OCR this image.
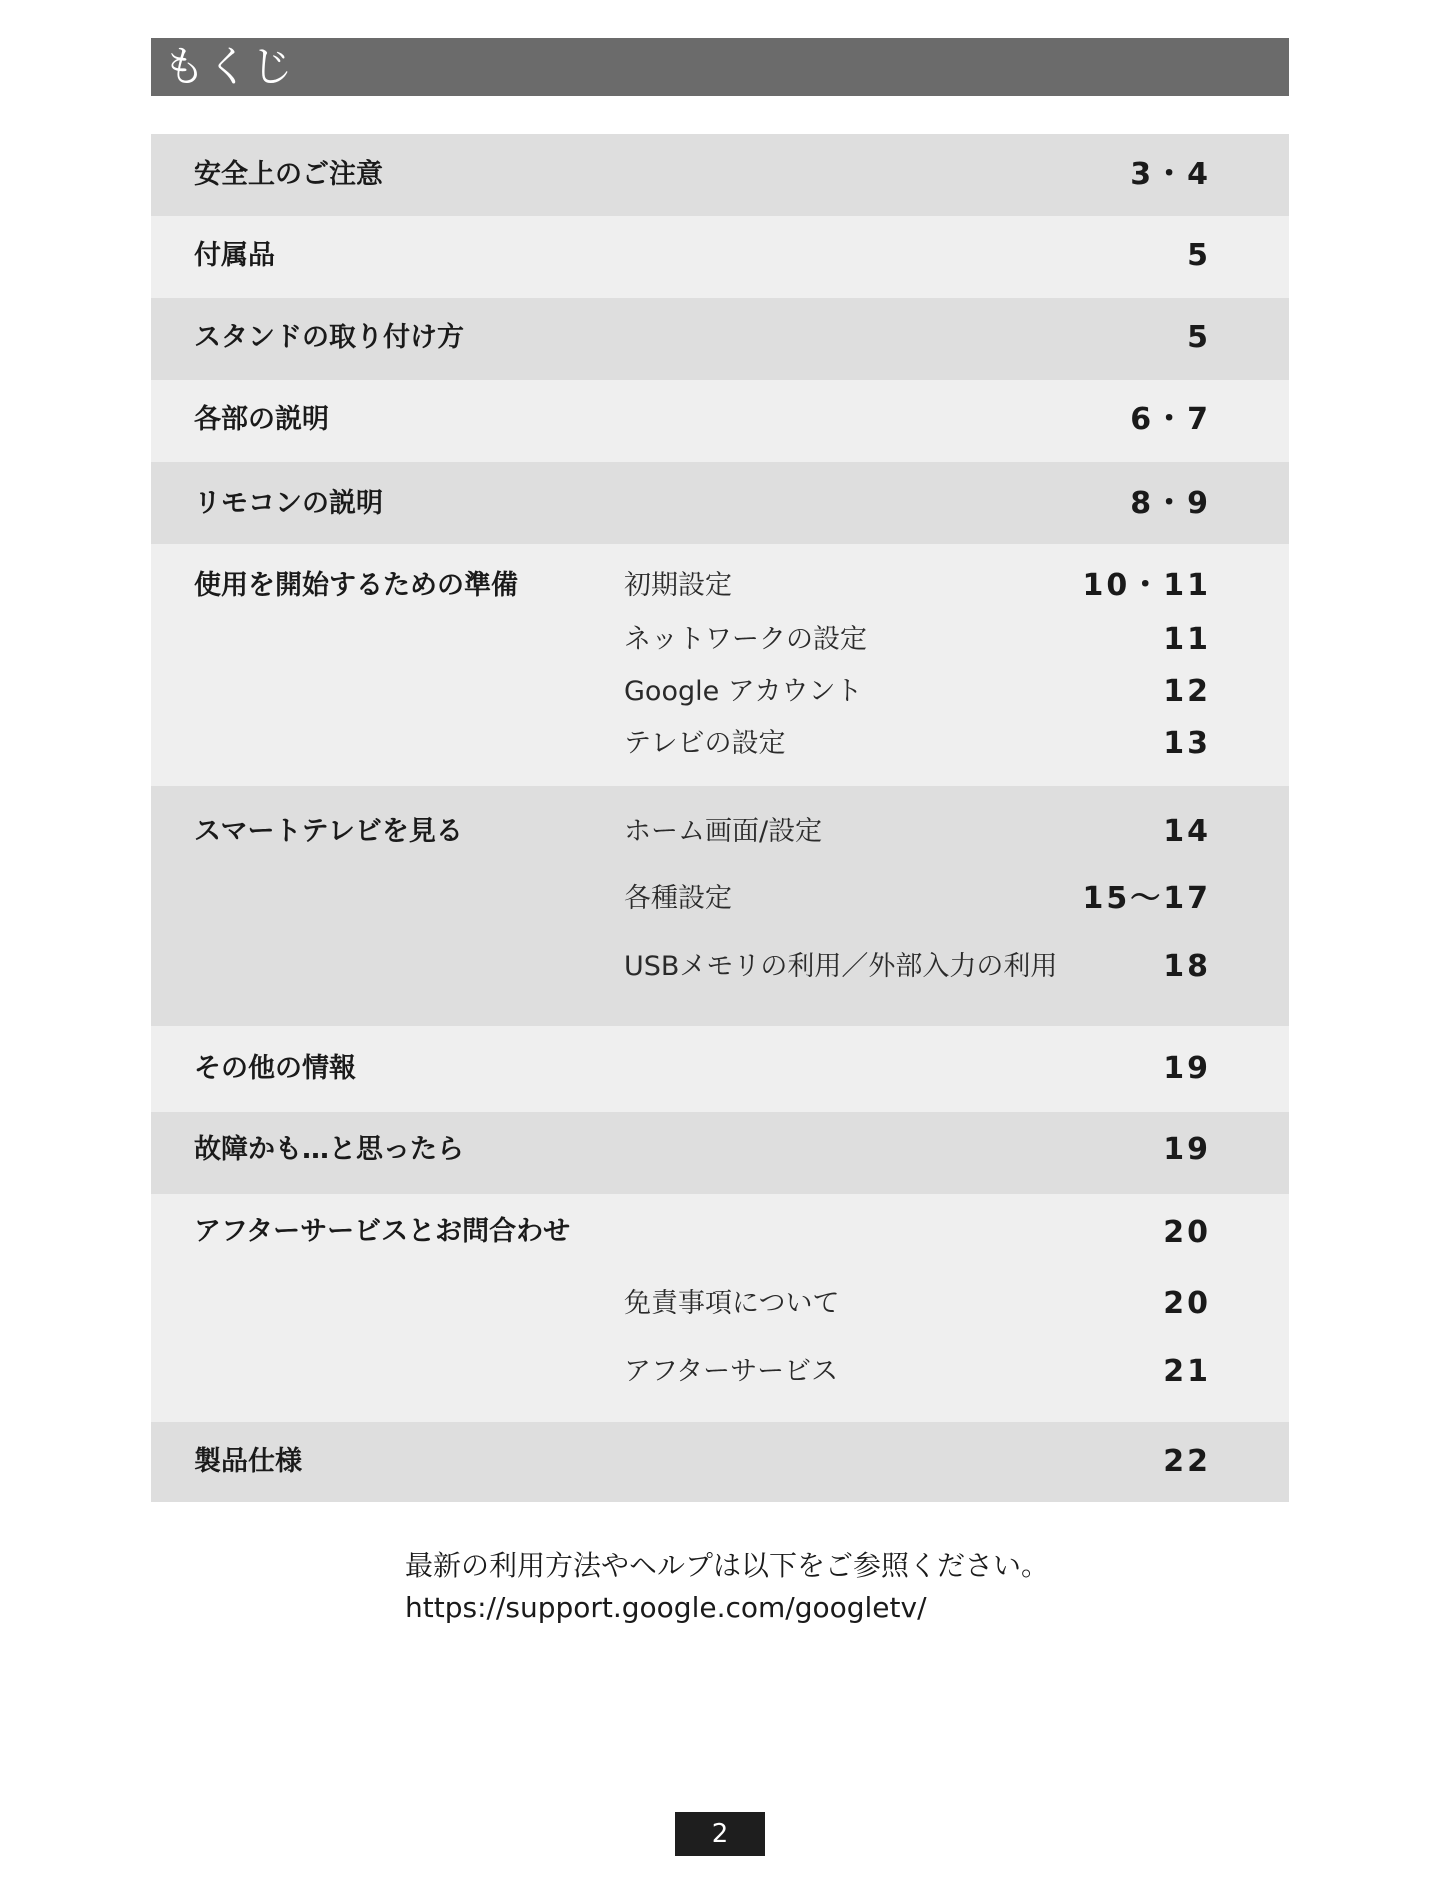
もくじ
安全上のご注意	3・4
付属品	5
スタンドの取り付け方	5
各部の説明	6・7
リモコンの説明	8・9
使用を開始するための準備	初期設定	10・11
ネットワークの設定	11
Google アカウント	12
テレビの設定	13
スマートテレビを見る	ホーム画面/設定	14
各種設定	15〜17
USBメモリの利用／外部入力の利用	18
その他の情報	19
故障かも…と思ったら	19
アフターサービスとお問合わせ	20
免責事項について	20
アフターサービス	21
製品仕様	22
最新の利用方法やヘルプは以下をご参照ください。
https://support.google.com/googletv/
2
